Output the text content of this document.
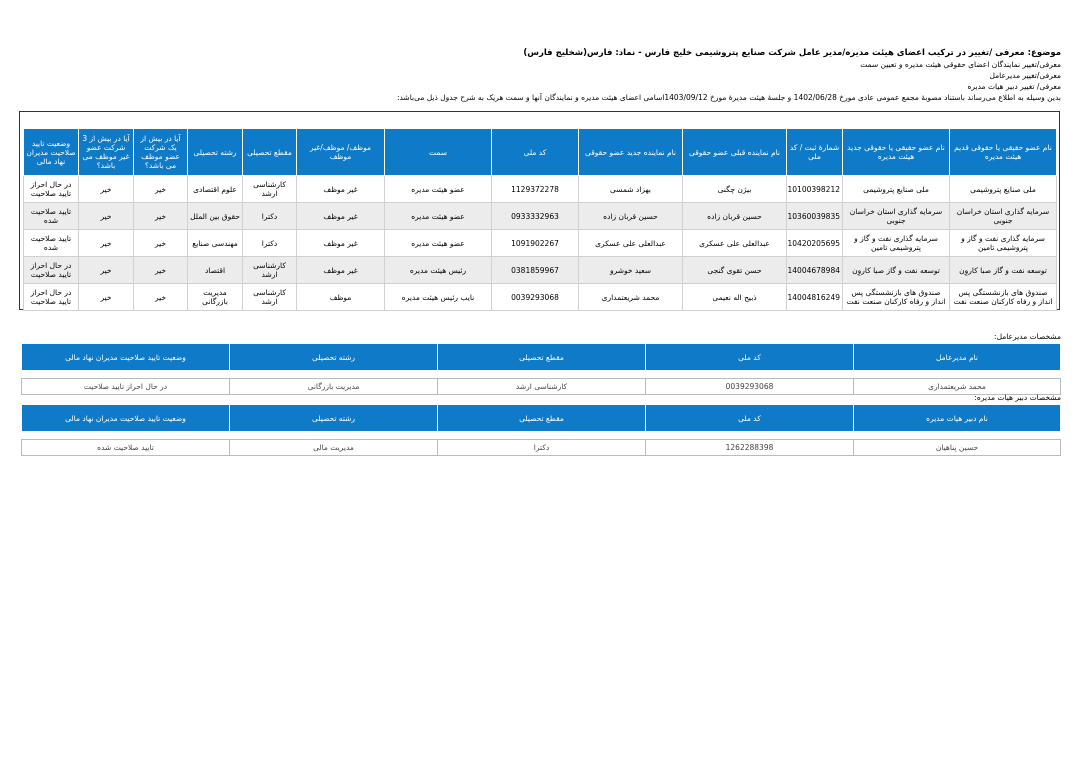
موضوع: معرفی /تغییر در ترکیب اعضای هیئت مدیره/مدیر عامل شرکت صنایع پتروشیمی خلیج فارس - نماد: فارس(شخلیج فارس)
معرفی/تغییر نمایندگان اعضای حقوقی هیئت مدیره و تعیین سمت
معرفی/تغییر مدیرعامل
معرفی/ تغییر دبیر هیات مدیره
بدین وسیله به اطلاع می‌رساند باستناد مصوبهٔ مجمع عمومی عادی مورخ 1402/06/28 و جلسهٔ هیئت مدیرهٔ مورخ 1403/09/12اسامی اعضای هیئت مدیره و نمایندگان آنها و سمت هریک به شرح جدول ذیل می‌باشد:
نام عضو حقیقی یا حقوقی قدیم هیئت مدیره	نام عضو حقیقی یا حقوقی جدید هیئت مدیره	شمارهٔ ثبت / کد ملی	نام نماینده قبلی عضو حقوقی	نام نماینده جدید عضو حقوقی	کد ملی	سمت	موظف/ موظف/غیر موظف	مقطع تحصیلی	رشته تحصیلی	آیا در بیش از یک شرکت عضو موظف می باشد؟	آیا در بیش از 3 شرکت عضو غیر موظف می باشد؟	وضعیت تایید صلاحیت مدیران نهاد مالی
ملی صنایع پتروشیمی	ملی صنایع پتروشیمی	10100398212	بیژن چگنی	بهزاد شمسی	1129372278	عضو هیئت مدیره	غیر موظف	کارشناسی ارشد	علوم اقتصادی	خیر	خیر	در حال احراز تایید صلاحیت
سرمایه گذاری استان خراسان جنوبی	سرمایه گذاری استان خراسان جنوبی	10360039835	حسین قربان زاده	حسین قربان زاده	0933332963	عضو هیئت مدیره	غیر موظف	دکترا	حقوق بین الملل	خیر	خیر	تایید صلاحیت شده
سرمایه گذاری نفت و گاز و پتروشیمی تامین	سرمایه گذاری نفت و گاز و پتروشیمی تامین	10420205695	عبدالعلی علی عسکری	عبدالعلی علی عسکری	1091902267	عضو هیئت مدیره	غیر موظف	دکترا	مهندسی صنایع	خیر	خیر	تایید صلاحیت شده
توسعه نفت و گاز صبا کاروِن	توسعه نفت و گاز صبا کاروِن	14004678984	حسن تقوی گنجی	سعید خوشرو	0381859967	رئیس هیئت مدیره	غیر موظف	کارشناسی ارشد	اقتصاد	خیر	خیر	در حال احراز تایید صلاحیت
صندوق های بازنشستگی پس انداز و رفاه کارکنان صنعت نفت	صندوق های بازنشستگی پس انداز و رفاه کارکنان صنعت نفت	14004816249	ذبیح اله نعیمی	محمد شریعتمداری	0039293068	نایب رئیس هیئت مدیره	موظف	کارشناسی ارشد	مدیریت بازرگانی	خیر	خیر	در حال احراز تایید صلاحیت
مشخصات مدیرعامل:
نام مدیرعامل	کد ملی	مقطع تحصیلی	رشته تحصیلی	وضعیت تایید صلاحیت مدیران نهاد مالی

محمد شریعتمداری	0039293068	کارشناسی ارشد	مدیریت بازرگانی	در حال احراز تایید صلاحیت
مشخصات دبیر هیات مدیره:
نام دبیر هیات مدیره	کد ملی	مقطع تحصیلی	رشته تحصیلی	وضعیت تایید صلاحیت مدیران نهاد مالی

حسین پناهیان	1262288398	دکترا	مدیریت مالی	تایید صلاحیت شده
